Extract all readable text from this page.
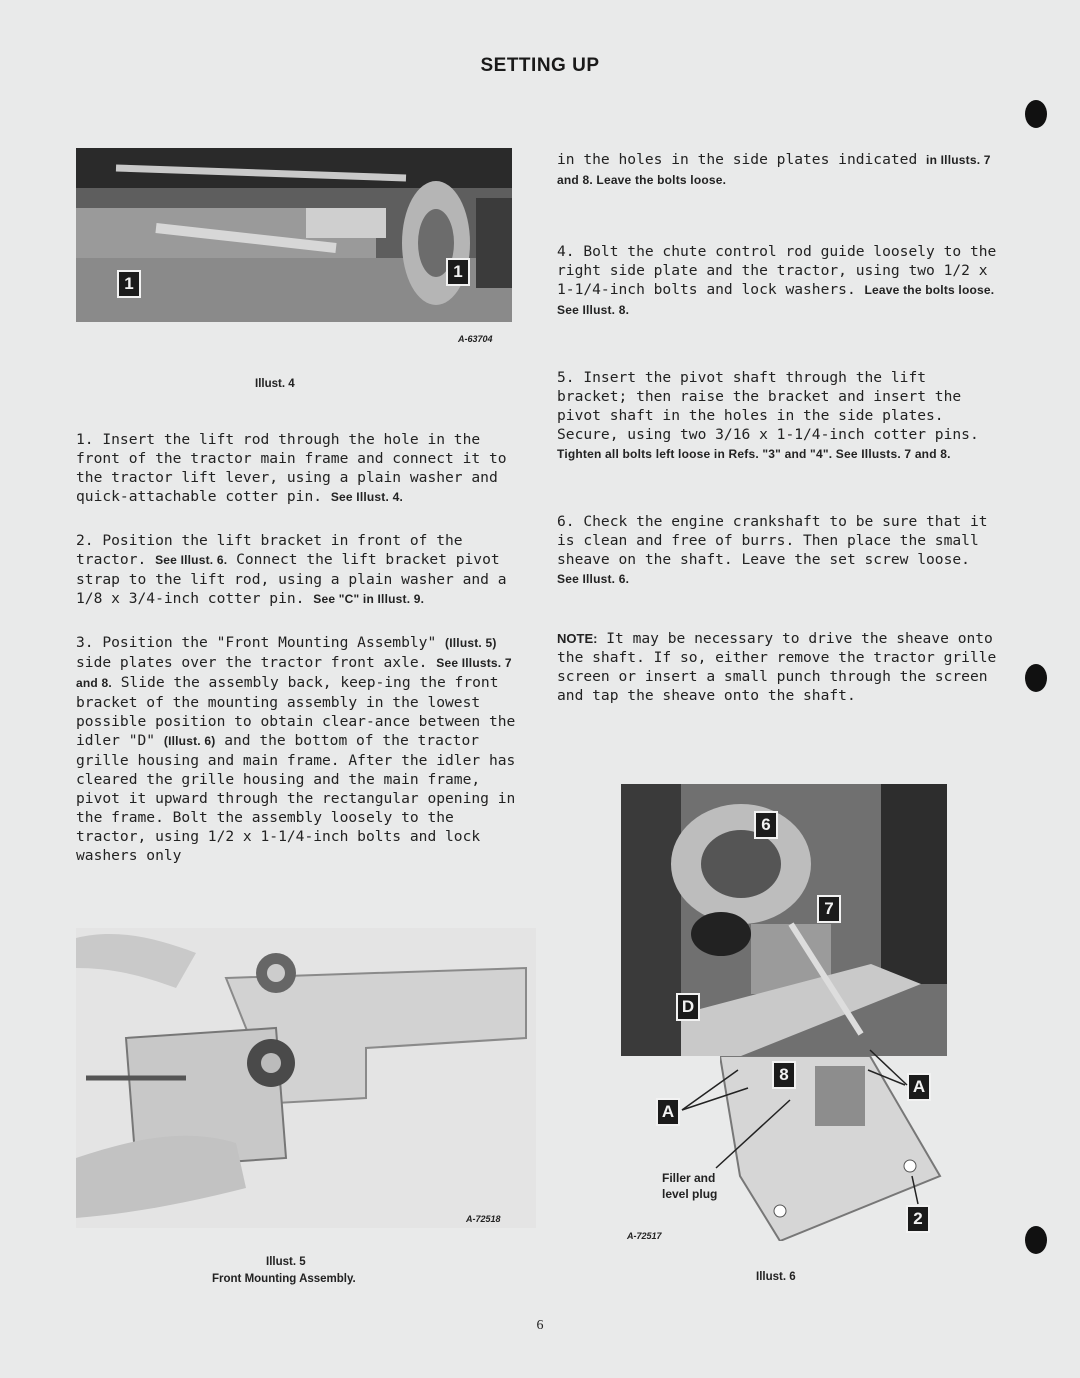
SETTING UP
1
1
A-63704
Illust. 4

1. Insert the lift rod through the hole in the front of the tractor main frame and connect it to the tractor lift lever, using a plain washer and quick-attachable cotter pin. See Illust. 4.

2. Position the lift bracket in front of the tractor. See Illust. 6. Connect the lift bracket pivot strap to the lift rod, using a plain washer and a 1/8 x 3/4-inch cotter pin. See "C" in Illust. 9.

3. Position the "Front Mounting Assembly" (Illust. 5) side plates over the tractor front axle. See Illusts. 7 and 8. Slide the assembly back, keep-ing the front bracket of the mounting assembly in the lowest possible position to obtain clear-ance between the idler "D" (Illust. 6) and the bottom of the tractor grille housing and main frame. After the idler has cleared the grille housing and the main frame, pivot it upward through the rectangular opening in the frame. Bolt the assembly loosely to the tractor, using 1/2 x 1-1/4-inch bolts and lock washers only

in the holes in the side plates indicated in Illusts. 7 and 8. Leave the bolts loose.

4. Bolt the chute control rod guide loosely to the right side plate and the tractor, using two 1/2 x 1-1/4-inch bolts and lock washers. Leave the bolts loose. See Illust. 8.

5. Insert the pivot shaft through the lift bracket; then raise the bracket and insert the pivot shaft in the holes in the side plates. Secure, using two 3/16 x 1-1/4-inch cotter pins. Tighten all bolts left loose in Refs. "3" and "4". See Illusts. 7 and 8.

6. Check the engine crankshaft to be sure that it is clean and free of burrs. Then place the small sheave on the shaft. Leave the set screw loose. See Illust. 6.

NOTE: It may be necessary to drive the sheave onto the shaft. If so, either remove the tractor grille screen or insert a small punch through the screen and tap the sheave onto the shaft.

A-72518
Illust. 5
Front Mounting Assembly.
6
7
D
8
A
A
2
Filler and
level plug
A-72517
Illust. 6
6
